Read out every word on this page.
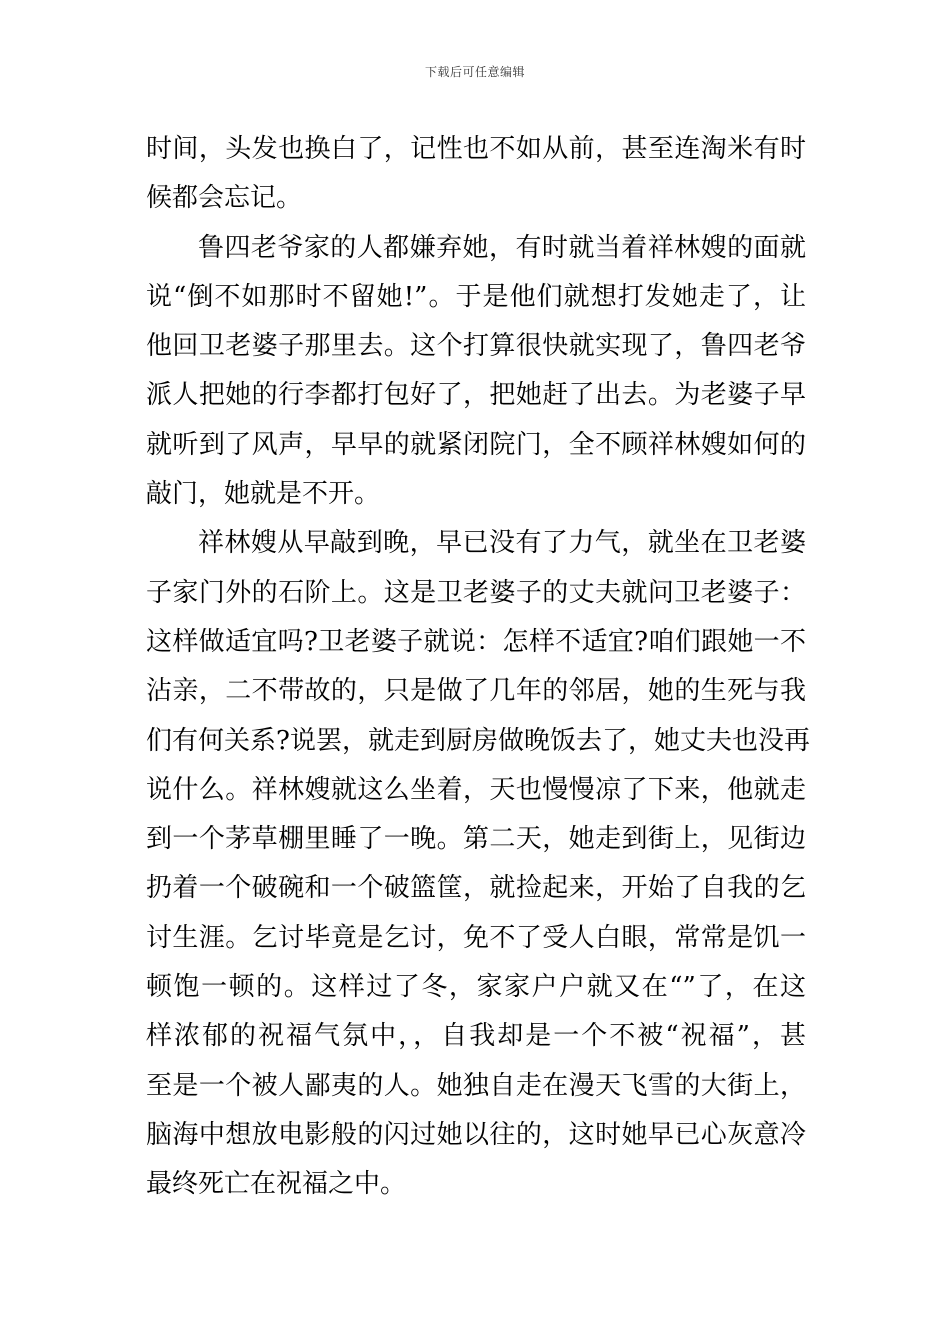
下载后可任意编辑
时间，头发也换白了，记性也不如从前，甚至连淘米有时
候都会忘记。
鲁四老爷家的人都嫌弃她，有时就当着祥林嫂的面就
说“倒不如那时不留她!”。于是他们就想打发她走了，让
他回卫老婆子那里去。这个打算很快就实现了，鲁四老爷
派人把她的行李都打包好了，把她赶了出去。为老婆子早
就听到了风声，早早的就紧闭院门，全不顾祥林嫂如何的
敲门，她就是不开。
祥林嫂从早敲到晚，早已没有了力气，就坐在卫老婆
子家门外的石阶上。这是卫老婆子的丈夫就问卫老婆子：
这样做适宜吗?卫老婆子就说：怎样不适宜?咱们跟她一不
沾亲，二不带故的，只是做了几年的邻居，她的生死与我
们有何关系?说罢，就走到厨房做晚饭去了，她丈夫也没再
说什么。祥林嫂就这么坐着，天也慢慢凉了下来，他就走
到一个茅草棚里睡了一晚。第二天，她走到街上，见街边
扔着一个破碗和一个破篮筐，就捡起来，开始了自我的乞
讨生涯。乞讨毕竟是乞讨，免不了受人白眼，常常是饥一
顿饱一顿的。这样过了冬，家家户户就又在“”了，在这
样浓郁的祝福气氛中，，自我却是一个不被“祝福”，甚
至是一个被人鄙夷的人。她独自走在漫天飞雪的大街上，
脑海中想放电影般的闪过她以往的，这时她早已心灰意冷
最终死亡在祝福之中。
